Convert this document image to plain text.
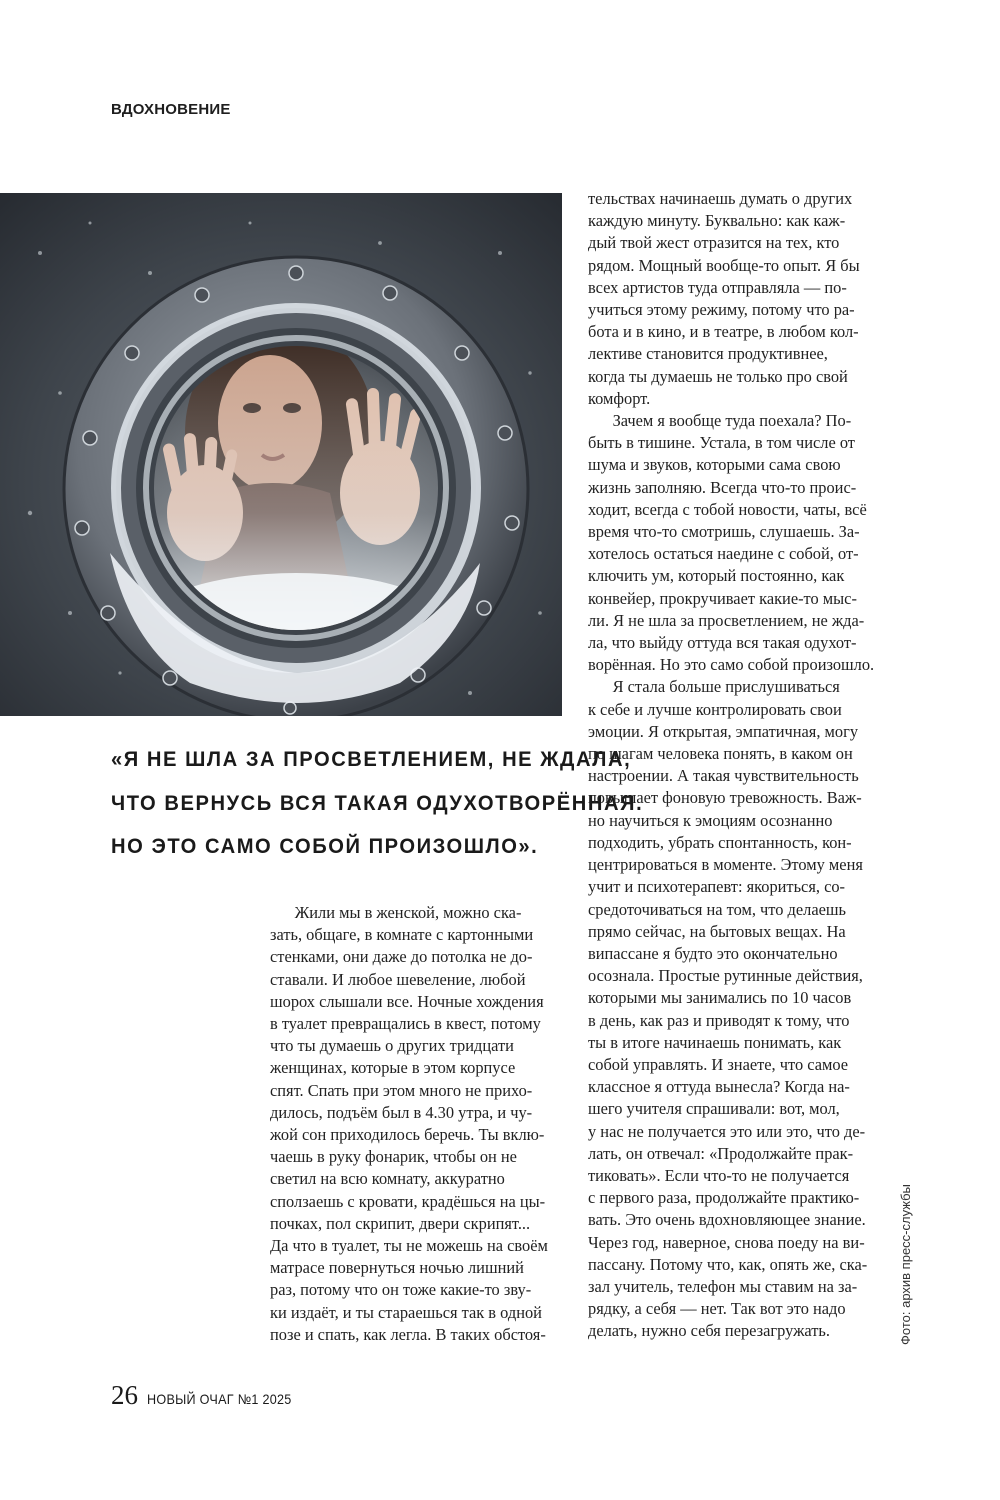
ВДОХНОВЕНИЕ

«Я НЕ ШЛА ЗА ПРОСВЕТЛЕНИЕМ, НЕ ЖДАЛА,
ЧТО ВЕРНУСЬ ВСЯ ТАКАЯ ОДУХОТВОРЁННАЯ.
НО ЭТО САМО СОБОЙ ПРОИЗОШЛО».

Жили мы в женской, можно ска-
зать, общаге, в комнате с картонными
стенками, они даже до потолка не до-
ставали. И любое шевеление, любой
шорох слышали все. Ночные хождения
в туалет превращались в квест, потому
что ты думаешь о других тридцати
женщинах, которые в этом корпусе
спят. Спать при этом много не прихо-
дилось, подъём был в 4.30 утра, и чу-
жой сон приходилось беречь. Ты вклю-
чаешь в руку фонарик, чтобы он не
светил на всю комнату, аккуратно
сползаешь с кровати, крадёшься на цы-
почках, пол скрипит, двери скрипят...
Да что в туалет, ты не можешь на своём
матрасе повернуться ночью лишний
раз, потому что он тоже какие-то зву-
ки издаёт, и ты стараешься так в одной
позе и спать, как легла. В таких обстоя-
тельствах начинаешь думать о других
каждую минуту. Буквально: как каж-
дый твой жест отразится на тех, кто
рядом. Мощный вообще-то опыт. Я бы
всех артистов туда отправляла — по-
учиться этому режиму, потому что ра-
бота и в кино, и в театре, в любом кол-
лективе становится продуктивнее,
когда ты думаешь не только про свой
комфорт.
Зачем я вообще туда поехала? По-
быть в тишине. Устала, в том числе от
шума и звуков, которыми сама свою
жизнь заполняю. Всегда что-то проис-
ходит, всегда с тобой новости, чаты, всё
время что-то смотришь, слушаешь. За-
хотелось остаться наедине с собой, от-
ключить ум, который постоянно, как
конвейер, прокручивает какие-то мыс-
ли. Я не шла за просветлением, не жда-
ла, что выйду оттуда вся такая одухот-
ворённая. Но это само собой произошло.
Я стала больше прислушиваться
к себе и лучше контролировать свои
эмоции. Я открытая, эмпатичная, могу
по шагам человека понять, в каком он
настроении. А такая чувствительность
повышает фоновую тревожность. Важ-
но научиться к эмоциям осознанно
подходить, убрать спонтанность, кон-
центрироваться в моменте. Этому меня
учит и психотерапевт: якориться, со-
средоточиваться на том, что делаешь
прямо сейчас, на бытовых вещах. На
випассане я будто это окончательно
осознала. Простые рутинные действия,
которыми мы занимались по 10 часов
в день, как раз и приводят к тому, что
ты в итоге начинаешь понимать, как
собой управлять. И знаете, что самое
классное я оттуда вынесла? Когда на-
шего учителя спрашивали: вот, мол,
у нас не получается это или это, что де-
лать, он отвечал: «Продолжайте прак-
тиковать». Если что-то не получается
с первого раза, продолжайте практико-
вать. Это очень вдохновляющее знание.
Через год, наверное, снова поеду на ви-
пассану. Потому что, как, опять же, ска-
зал учитель, телефон мы ставим на за-
рядку, а себя — нет. Так вот это надо
делать, нужно себя перезагружать.	Фото: архив пресс-службы
26 НОВЫЙ ОЧАГ №1 2025
